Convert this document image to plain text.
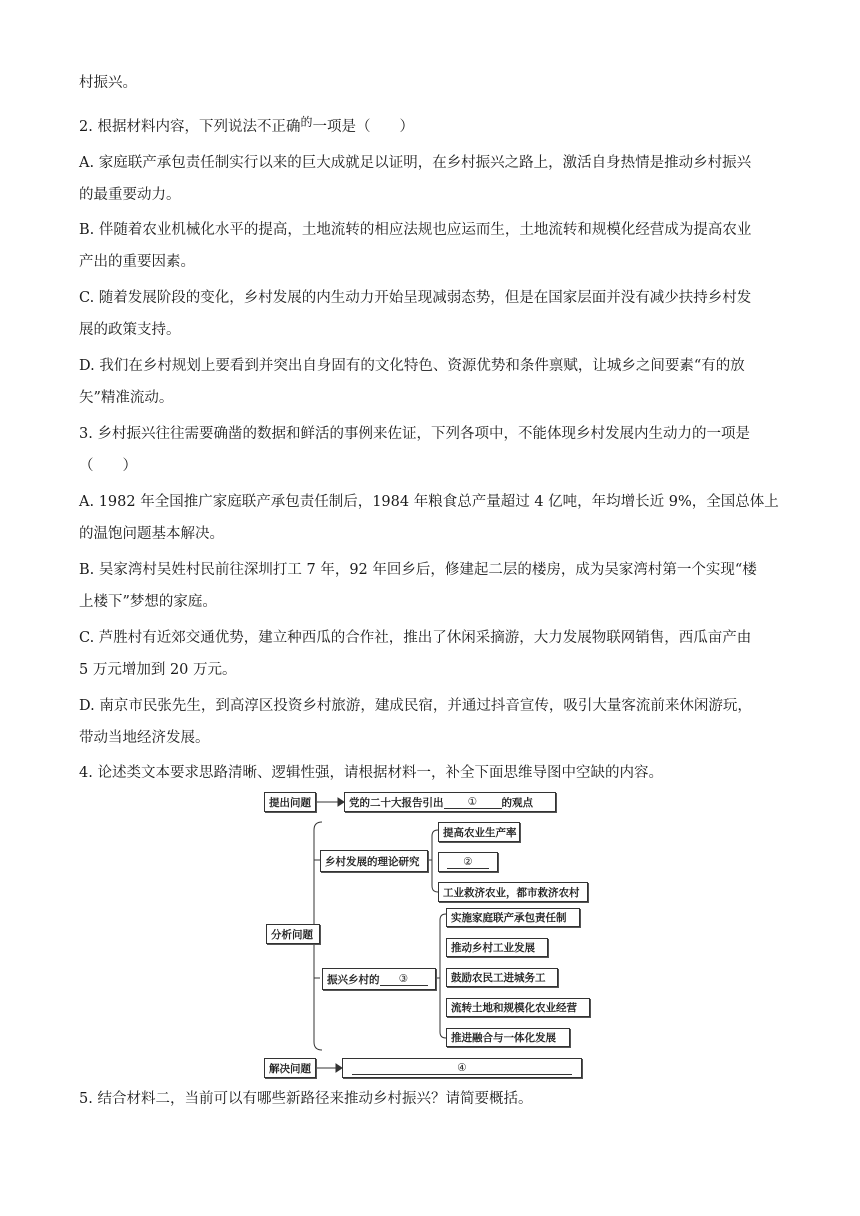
村振兴。
2. 根据材料内容，下列说法不正确$^的$一项是（　　）
A. 家庭联产承包责任制实行以来的巨大成就足以证明，在乡村振兴之路上，激活自身热情是推动乡村振兴
的最重要动力。
B. 伴随着农业机械化水平的提高，土地流转的相应法规也应运而生，土地流转和规模化经营成为提高农业
产出的重要因素。
C. 随着发展阶段的变化，乡村发展的内生动力开始呈现减弱态势，但是在国家层面并没有减少扶持乡村发
展的政策支持。
D. 我们在乡村规划上要看到并突出自身固有的文化特色、资源优势和条件禀赋，让城乡之间要素“有的放
矢”精准流动。
3. 乡村振兴往往需要确凿的数据和鲜活的事例来佐证，下列各项中，不能体现乡村发展内生动力的一项是
（　　）
A. 1982 年全国推广家庭联产承包责任制后，1984 年粮食总产量超过 4 亿吨，年均增长近 9%，全国总体上
的温饱问题基本解决。
B. 吴家湾村吴姓村民前往深圳打工 7 年，92 年回乡后，修建起二层的楼房，成为吴家湾村第一个实现“楼
上楼下”梦想的家庭。
C. 芦胜村有近郊交通优势，建立种西瓜的合作社，推出了休闲采摘游，大力发展物联网销售，西瓜亩产由
5 万元增加到 20 万元。
D. 南京市民张先生，到高淳区投资乡村旅游，建成民宿，并通过抖音宣传，吸引大量客流前来休闲游玩，
带动当地经济发展。
4. 论述类文本要求思路清晰、逻辑性强，请根据材料一，补全下面思维导图中空缺的内容。
5. 结合材料二，当前可以有哪些新路径来推动乡村振兴？请简要概括。
提出问题	党的二十大报告引出	①	的观点
分析问题
乡村发展的理论研究
提高农业生产率
②
工业救济农业，都市救济农村
振兴乡村的	③
实施家庭联产承包责任制
推动乡村工业发展
鼓励农民工进城务工
流转土地和规模化农业经营
推进融合与一体化发展
解决问题	④
